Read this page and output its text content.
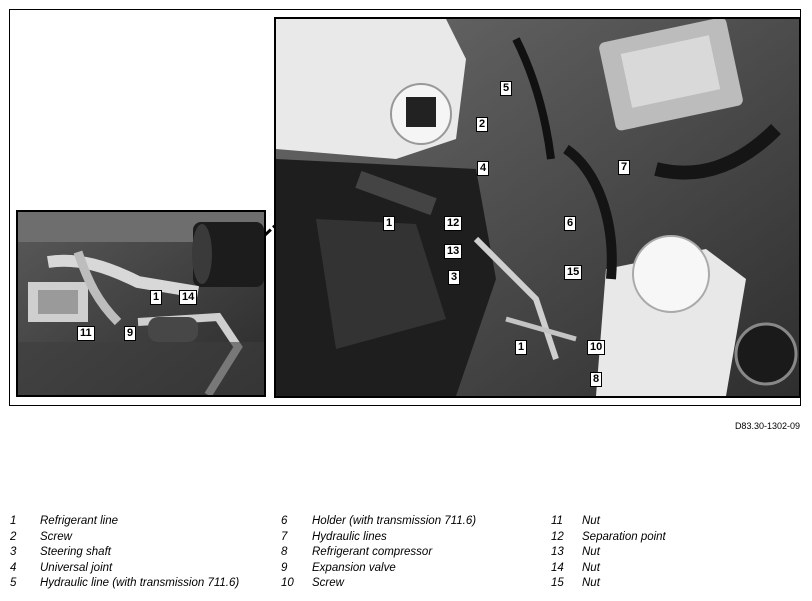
1 14
11	9
5
2
4	7
1	12
13
3
6
15
1	10
8
D83.30-1302-09
1	Refrigerant line
2	Screw
3	Steering shaft
4	Universal joint
5	Hydraulic line (with transmission 711.6)
6	Holder (with transmission 711.6)
7	Hydraulic lines
8	Refrigerant compressor
9	Expansion valve
10	Screw
11	Nut
12	Separation point
13	Nut
14	Nut
15	Nut
